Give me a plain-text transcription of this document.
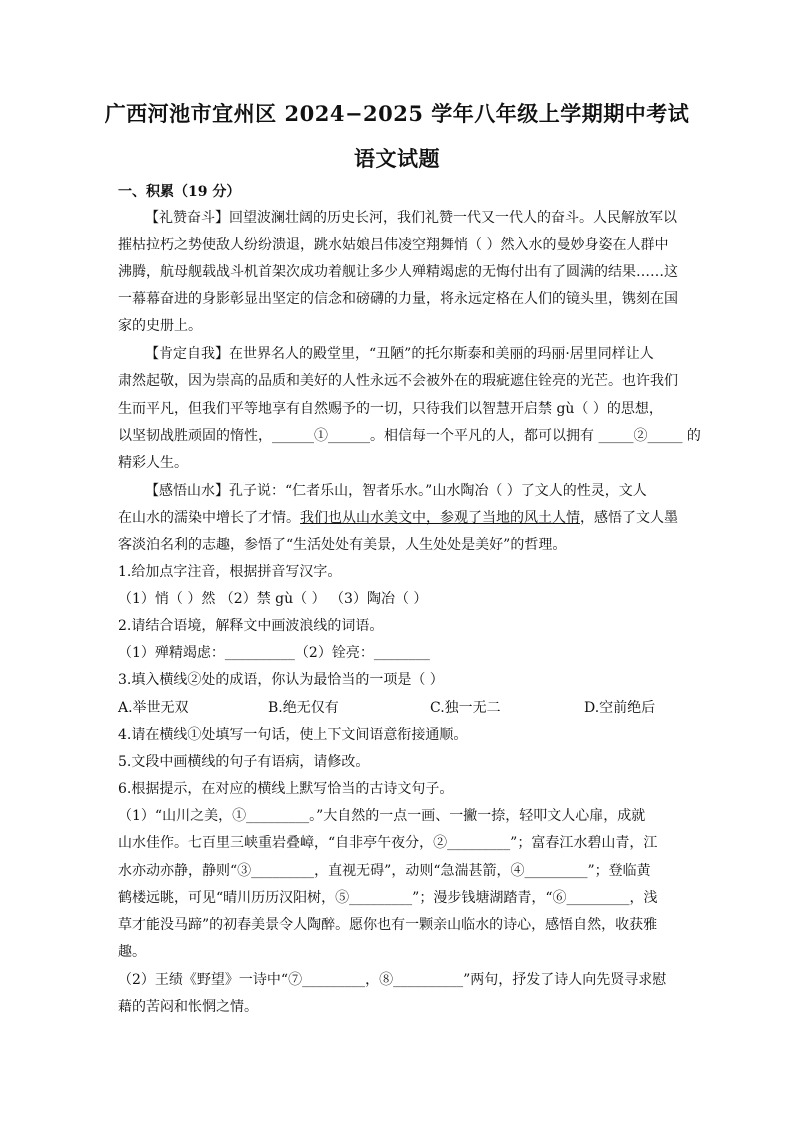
广西河池市宜州区 2024−2025 学年八年级上学期期中考试
语文试题
一、积累（19 分）
【礼赞奋斗】回望波澜壮阔的历史长河，我们礼赞一代又一代人的奋斗。人民解放军以
摧枯拉朽之势使敌人纷纷溃退，跳水姑娘吕伟凌空翔舞悄（ ）然入水的曼妙身姿在人群中
沸腾，航母舰载战斗机首架次成功着舰让多少人殚精竭虑的无悔付出有了圆满的结果……这
一幕幕奋进的身影彰显出坚定的信念和磅礴的力量，将永远定格在人们的镜头里，镌刻在国
家的史册上。
【肯定自我】在世界名人的殿堂里，“丑陋”的托尔斯泰和美丽的玛丽·居里同样让人
肃然起敬，因为崇高的品质和美好的人性永远不会被外在的瑕疵遮住铨亮的光芒。也许我们
生而平凡，但我们平等地享有自然赐予的一切，只待我们以智慧开启禁 gù（ ）的思想，
以坚韧战胜顽固的惰性，______①______。相信每一个平凡的人，都可以拥有 _____②_____ 的
精彩人生。
【感悟山水】孔子说：“仁者乐山，智者乐水。”山水陶冶（ ）了文人的性灵，文人
在山水的濡染中增长了才情。我们也从山水美文中，参观了当地的风土人情，感悟了文人墨
客淡泊名利的志趣，参悟了“生活处处有美景，人生处处是美好”的哲理。
1.给加点字注音，根据拼音写汉字。
（1）悄（ ）然 （2）禁 gù（ ） （3）陶冶（ ）
2.请结合语境，解释文中画波浪线的词语。
（1）殚精竭虑：__________（2）铨亮：________
3.填入横线②处的成语，你认为最恰当的一项是（ ）
A.举世无双	B.绝无仅有	C.独一无二	D.空前绝后
4.请在横线①处填写一句话，使上下文间语意衔接通顺。
5.文段中画横线的句子有语病，请修改。
6.根据提示，在对应的横线上默写恰当的古诗文句子。
（1）“山川之美，①_________。”大自然的一点一画、一撇一捺，轻叩文人心扉，成就
山水佳作。七百里三峡重岩叠嶂，“自非亭午夜分，②_________”；富春江水碧山青，江
水亦动亦静，静则“③_________，直视无碍”，动则“急湍甚箭，④_________”；登临黄
鹤楼远眺，可见“晴川历历汉阳树，⑤_________”；漫步钱塘湖踏青，“⑥_________，浅
草才能没马蹄”的初春美景令人陶醉。愿你也有一颗亲山临水的诗心，感悟自然，收获雅
趣。
（2）王绩《野望》一诗中“⑦_________，⑧__________”两句，抒发了诗人向先贤寻求慰
藉的苦闷和怅惘之情。
